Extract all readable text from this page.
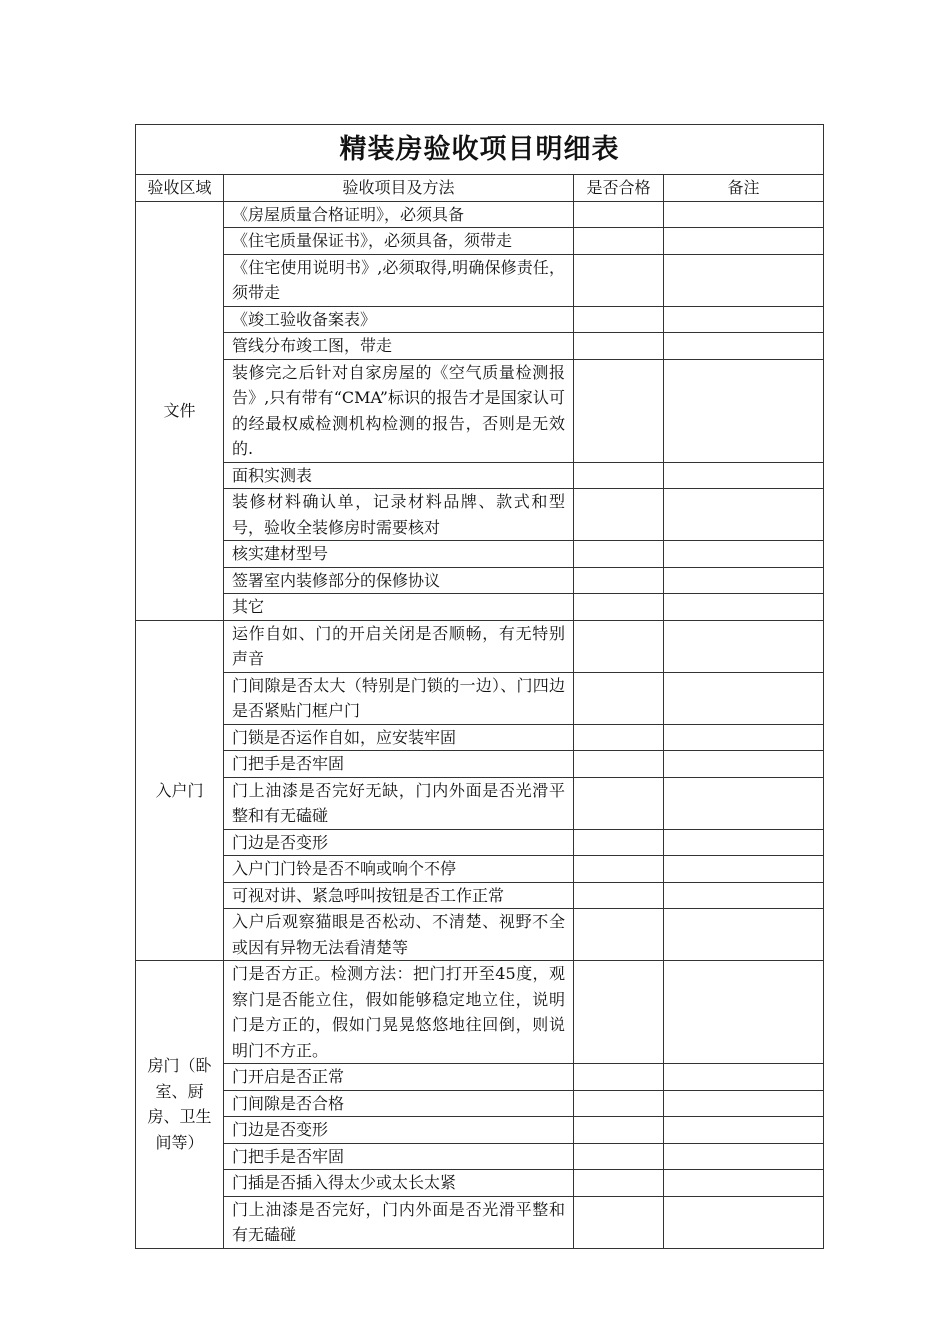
精装房验收项目明细表			
验收区域	验收项目及方法	是否合格	备注
文件	《房屋质量合格证明》，必须具备		
	《住宅质量保证书》，必须具备，须带走		
	《住宅使用说明书》,必须取得,明确保修责任，须带走		
	《竣工验收备案表》		
	管线分布竣工图，带走		
	装修完之后针对自家房屋的《空气质量检测报告》,只有带有“CMA”标识的报告才是国家认可的经最权威检测机构检测的报告，否则是无效的.		
	面积实测表		
	装修材料确认单，记录材料品牌、款式和型号，验收全装修房时需要核对		
	核实建材型号		
	签署室内装修部分的保修协议		
	其它		
入户门	运作自如、门的开启关闭是否顺畅，有无特别声音		
	门间隙是否太大（特别是门锁的一边）、门四边是否紧贴门框户门		
	门锁是否运作自如，应安装牢固		
	门把手是否牢固		
	门上油漆是否完好无缺，门内外面是否光滑平整和有无磕碰		
	门边是否变形		
	入户门门铃是否不响或响个不停		
	可视对讲、紧急呼叫按钮是否工作正常		
	入户后观察猫眼是否松动、不清楚、视野不全或因有异物无法看清楚等		
房门（卧室、厨房、卫生间等）	门是否方正。检测方法：把门打开至45度，观察门是否能立住，假如能够稳定地立住，说明门是方正的，假如门晃晃悠悠地往回倒，则说明门不方正。		
	门开启是否正常		
	门间隙是否合格		
	门边是否变形		
	门把手是否牢固		
	门插是否插入得太少或太长太紧		
	门上油漆是否完好，门内外面是否光滑平整和有无磕碰		
